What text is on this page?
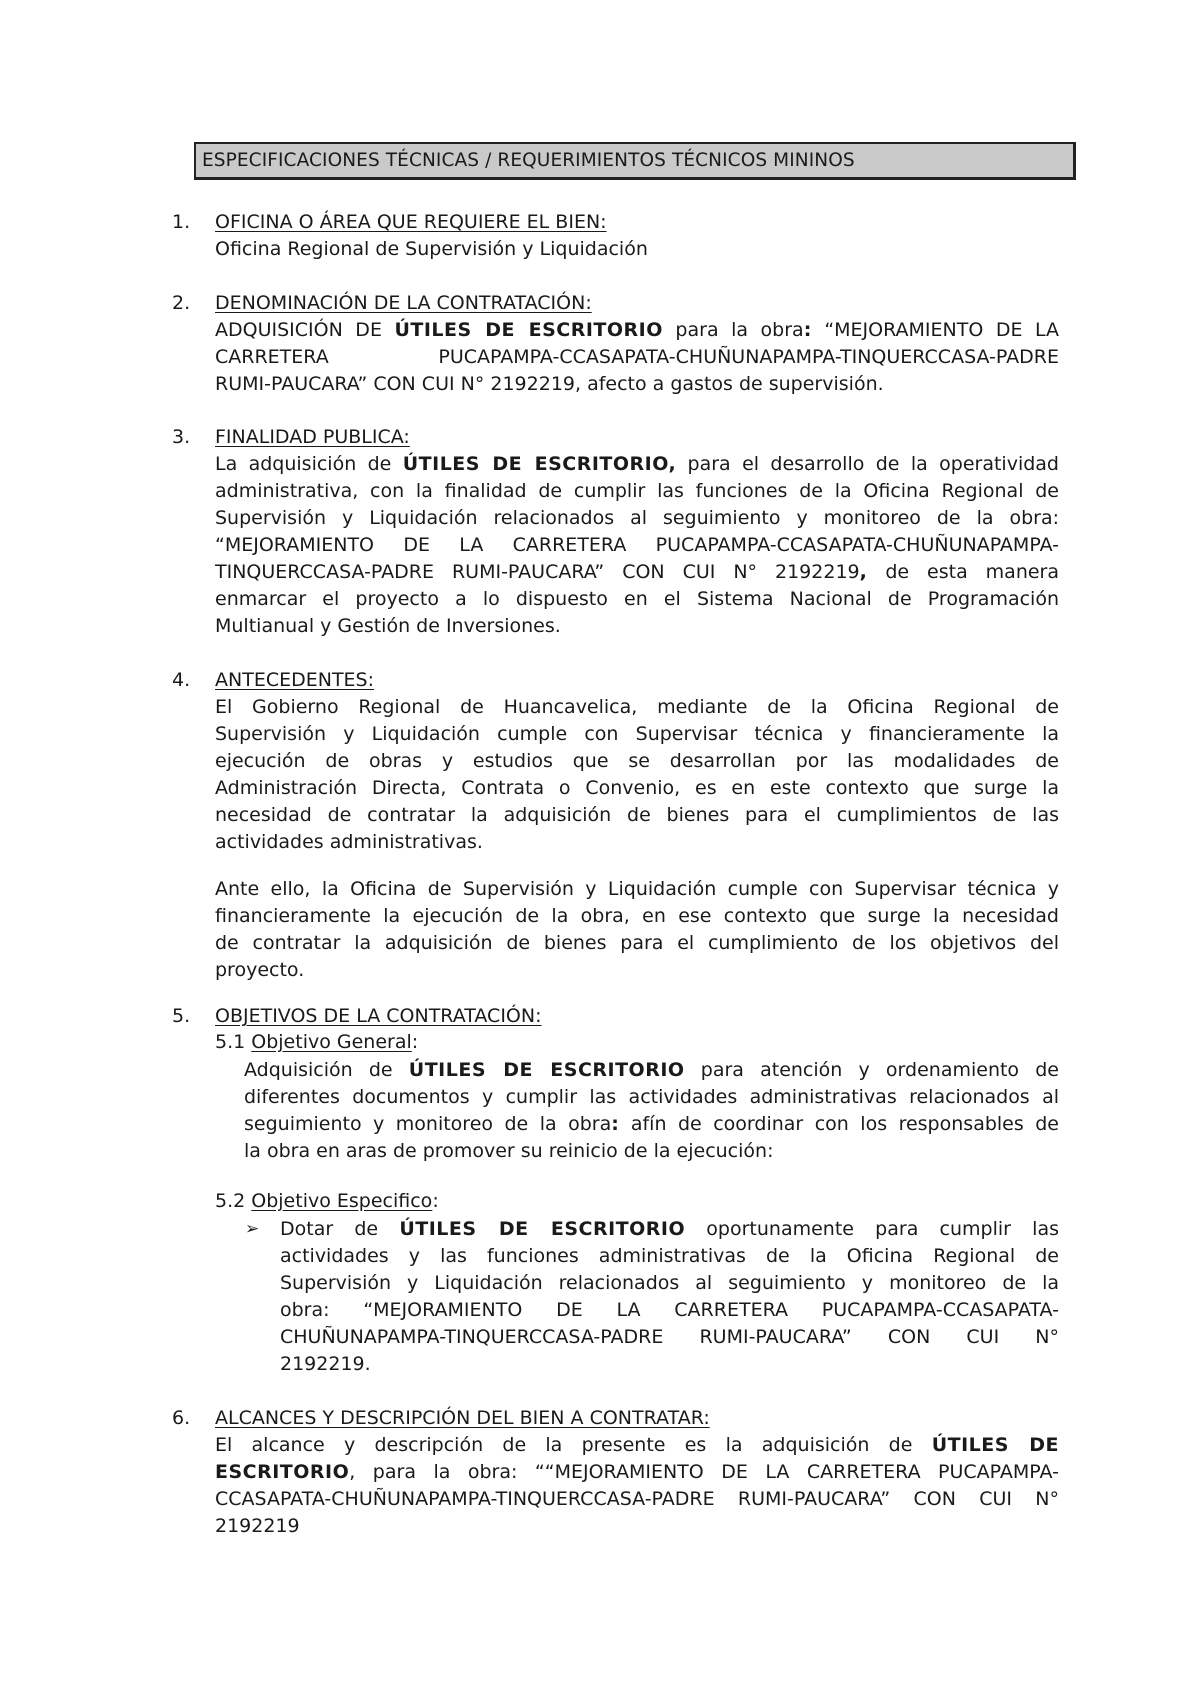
ESPECIFICACIONES TÉCNICAS / REQUERIMIENTOS TÉCNICOS MININOS
1. OFICINA O ÁREA QUE REQUIERE EL BIEN:
Oficina Regional de Supervisión y Liquidación
2. DENOMINACIÓN DE LA CONTRATACIÓN:
ADQUISICIÓN DE ÚTILES DE ESCRITORIO para la obra: “MEJORAMIENTO DE LA
CARRETERA PUCAPAMPA-CCASAPATA-CHUÑUNAPAMPA-TINQUERCCASA-PADRE
RUMI-PAUCARA” CON CUI N° 2192219, afecto a gastos de supervisión.
3. FINALIDAD PUBLICA:
La adquisición de ÚTILES DE ESCRITORIO, para el desarrollo de la operatividad
administrativa, con la finalidad de cumplir las funciones de la Oficina Regional de
Supervisión y Liquidación relacionados al seguimiento y monitoreo de la obra:
“MEJORAMIENTO DE LA CARRETERA PUCAPAMPA-CCASAPATA-CHUÑUNAPAMPA-
TINQUERCCASA-PADRE RUMI-PAUCARA” CON CUI N° 2192219, de esta manera
enmarcar el proyecto a lo dispuesto en el Sistema Nacional de Programación
Multianual y Gestión de Inversiones.
4. ANTECEDENTES:
El Gobierno Regional de Huancavelica, mediante de la Oficina Regional de
Supervisión y Liquidación cumple con Supervisar técnica y financieramente la
ejecución de obras y estudios que se desarrollan por las modalidades de
Administración Directa, Contrata o Convenio, es en este contexto que surge la
necesidad de contratar la adquisición de bienes para el cumplimientos de las
actividades administrativas.
Ante ello, la Oficina de Supervisión y Liquidación cumple con Supervisar técnica y
financieramente la ejecución de la obra, en ese contexto que surge la necesidad
de contratar la adquisición de bienes para el cumplimiento de los objetivos del
proyecto.
5. OBJETIVOS DE LA CONTRATACIÓN:
5.1 Objetivo General:
Adquisición de ÚTILES DE ESCRITORIO para atención y ordenamiento de
diferentes documentos y cumplir las actividades administrativas relacionados al
seguimiento y monitoreo de la obra: afín de coordinar con los responsables de
la obra en aras de promover su reinicio de la ejecución:
5.2 Objetivo Especifico:
➢ Dotar de ÚTILES DE ESCRITORIO oportunamente para cumplir las
actividades y las funciones administrativas de la Oficina Regional de
Supervisión y Liquidación relacionados al seguimiento y monitoreo de la
obra: “MEJORAMIENTO DE LA CARRETERA PUCAPAMPA-CCASAPATA-
CHUÑUNAPAMPA-TINQUERCCASA-PADRE RUMI-PAUCARA” CON CUI N°
2192219.
6. ALCANCES Y DESCRIPCIÓN DEL BIEN A CONTRATAR:
El alcance y descripción de la presente es la adquisición de ÚTILES DE
ESCRITORIO, para la obra: ““MEJORAMIENTO DE LA CARRETERA PUCAPAMPA-
CCASAPATA-CHUÑUNAPAMPA-TINQUERCCASA-PADRE RUMI-PAUCARA” CON CUI N°
2192219
